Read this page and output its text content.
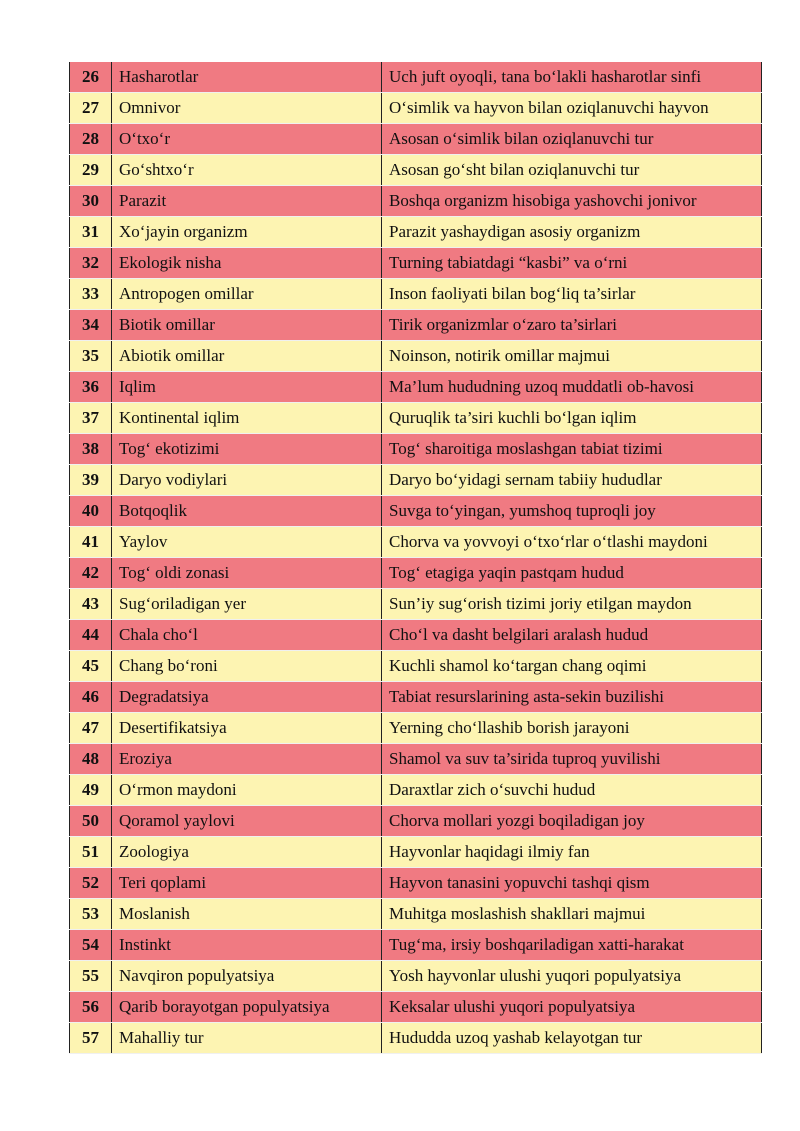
26	Hasharotlar	Uch juft oyoqli, tana bo‘lakli hasharotlar sinfi
27	Omnivor	O‘simlik va hayvon bilan oziqlanuvchi hayvon
28	O‘txo‘r	Asosan o‘simlik bilan oziqlanuvchi tur
29	Go‘shtxo‘r	Asosan go‘sht bilan oziqlanuvchi tur
30	Parazit	Boshqa organizm hisobiga yashovchi jonivor
31	Xo‘jayin organizm	Parazit yashaydigan asosiy organizm
32	Ekologik nisha	Turning tabiatdagi “kasbi” va o‘rni
33	Antropogen omillar	Inson faoliyati bilan bog‘liq ta’sirlar
34	Biotik omillar	Tirik organizmlar o‘zaro ta’sirlari
35	Abiotik omillar	Noinson, notirik omillar majmui
36	Iqlim	Ma’lum hududning uzoq muddatli ob-havosi
37	Kontinental iqlim	Quruqlik ta’siri kuchli bo‘lgan iqlim
38	Tog‘ ekotizimi	Tog‘ sharoitiga moslashgan tabiat tizimi
39	Daryo vodiylari	Daryo bo‘yidagi sernam tabiiy hududlar
40	Botqoqlik	Suvga to‘yingan, yumshoq tuproqli joy
41	Yaylov	Chorva va yovvoyi o‘txo‘rlar o‘tlashi maydoni
42	Tog‘ oldi zonasi	Tog‘ etagiga yaqin pastqam hudud
43	Sug‘oriladigan yer	Sun’iy sug‘orish tizimi joriy etilgan maydon
44	Chala cho‘l	Cho‘l va dasht belgilari aralash hudud
45	Chang bo‘roni	Kuchli shamol ko‘targan chang oqimi
46	Degradatsiya	Tabiat resurslarining asta-sekin buzilishi
47	Desertifikatsiya	Yerning cho‘llashib borish jarayoni
48	Eroziya	Shamol va suv ta’sirida tuproq yuvilishi
49	O‘rmon maydoni	Daraxtlar zich o‘suvchi hudud
50	Qoramol yaylovi	Chorva mollari yozgi boqiladigan joy
51	Zoologiya	Hayvonlar haqidagi ilmiy fan
52	Teri qoplami	Hayvon tanasini yopuvchi tashqi qism
53	Moslanish	Muhitga moslashish shakllari majmui
54	Instinkt	Tug‘ma, irsiy boshqariladigan xatti-harakat
55	Navqiron populyatsiya	Yosh hayvonlar ulushi yuqori populyatsiya
56	Qarib borayotgan populyatsiya	Keksalar ulushi yuqori populyatsiya
57	Mahalliy tur	Hududda uzoq yashab kelayotgan tur
